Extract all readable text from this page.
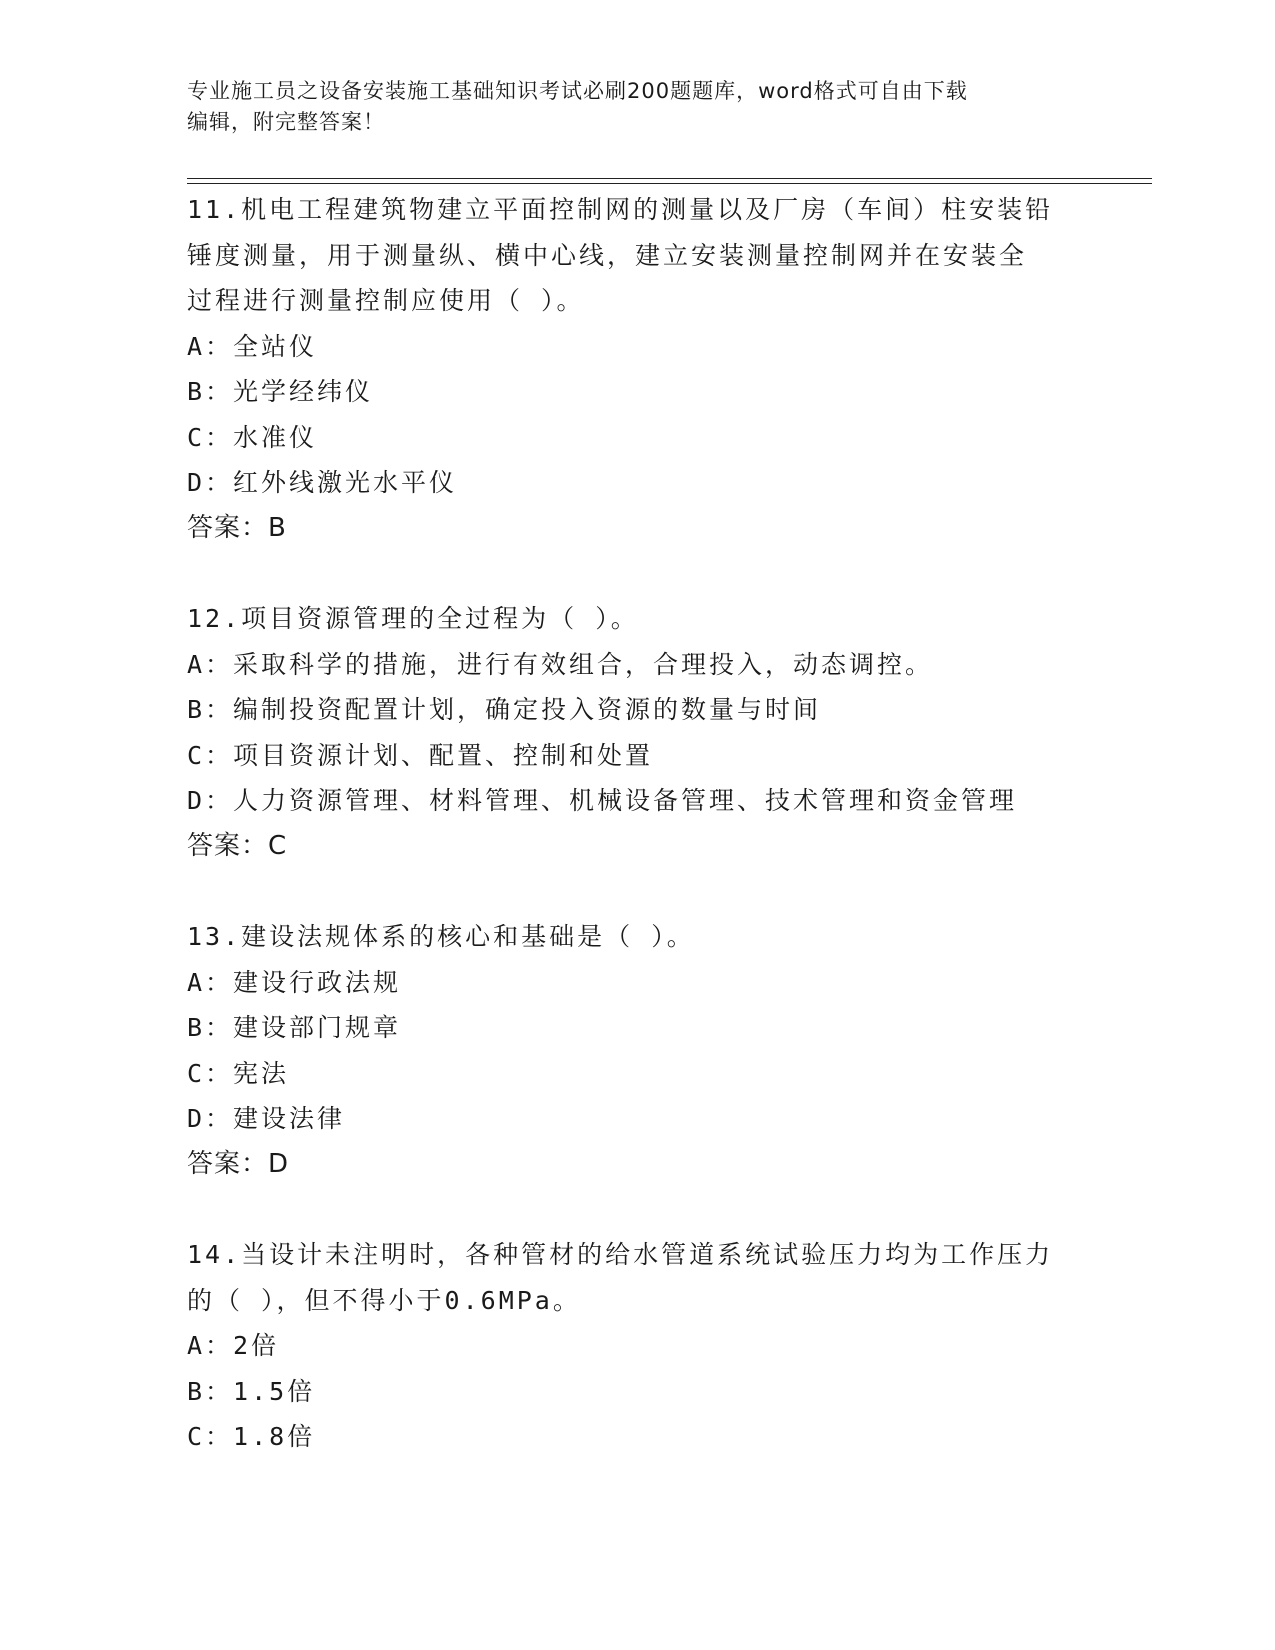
专业施工员之设备安装施工基础知识考试必刷200题题库，word格式可自由下载
编辑，附完整答案！
11.机电工程建筑物建立平面控制网的测量以及厂房（车间）柱安装铅
锤度测量，用于测量纵、横中心线，建立安装测量控制网并在安装全
过程进行测量控制应使用（ ）。
A：全站仪
B：光学经纬仪
C：水准仪
D：红外线激光水平仪
答案：B
12.项目资源管理的全过程为（ ）。
A：采取科学的措施，进行有效组合，合理投入，动态调控。
B：编制投资配置计划，确定投入资源的数量与时间
C：项目资源计划、配置、控制和处置
D：人力资源管理、材料管理、机械设备管理、技术管理和资金管理
答案：C
13.建设法规体系的核心和基础是（ ）。
A：建设行政法规
B：建设部门规章
C：宪法
D：建设法律
答案：D
14.当设计未注明时，各种管材的给水管道系统试验压力均为工作压力
的（ ），但不得小于0.6MPa。
A：2倍
B：1.5倍
C：1.8倍
